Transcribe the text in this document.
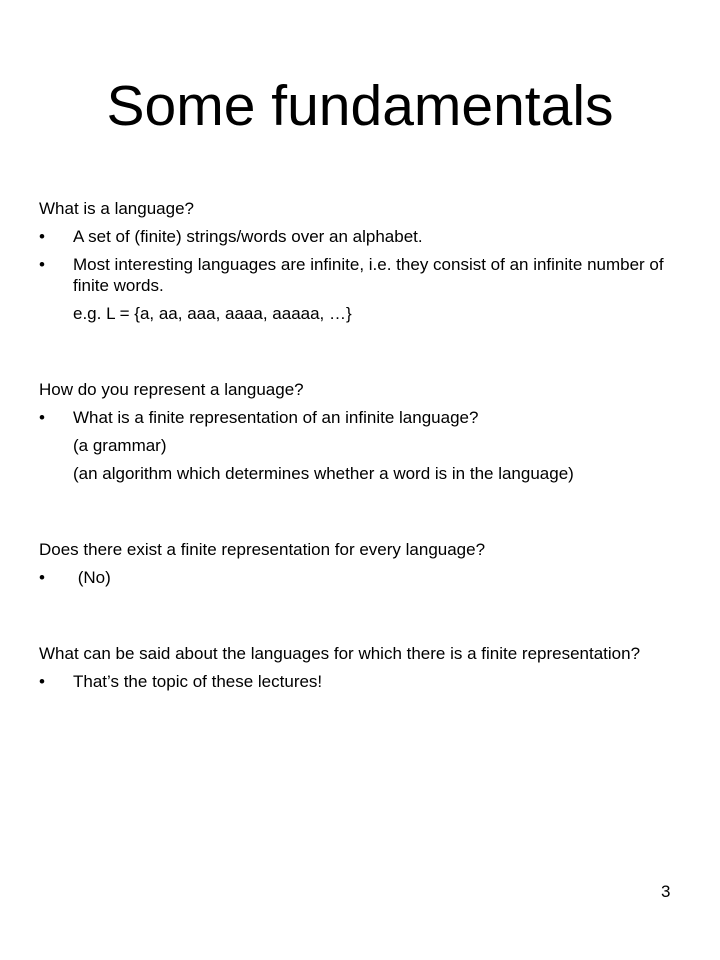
Some fundamentals
What is a language?
• A set of (finite) strings/words over an alphabet.
• Most interesting languages are infinite, i.e. they consist of an infinite number of finite words.
e.g. L = {a, aa, aaa, aaaa, aaaaa, …}
How do you represent a language?
• What is a finite representation of an infinite language?
(a grammar)
(an algorithm which determines whether a word is in the language)
Does there exist a finite representation for every language?
• (No)
What can be said about the languages for which there is a finite representation?
• That’s the topic of these lectures!
3
